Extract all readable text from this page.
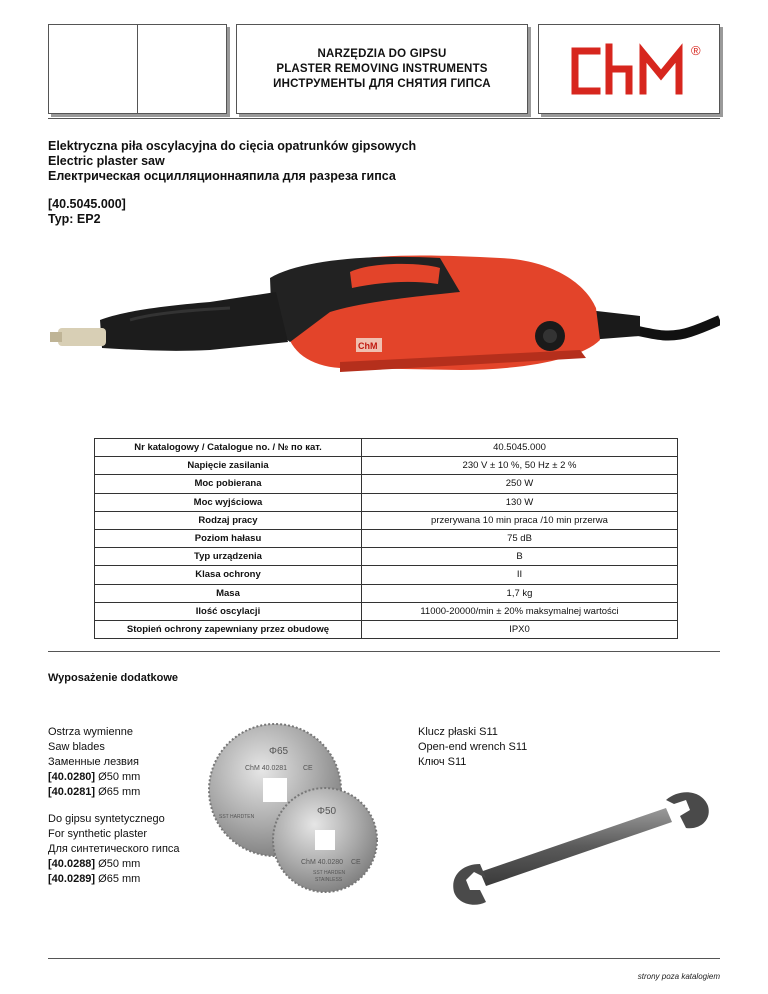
NARZĘDZIA DO GIPSU
PLASTER REMOVING INSTRUMENTS
ИНСТРУМЕНТЫ ДЛЯ СНЯТИЯ ГИПСА
®
Elektryczna piła oscylacyjna do cięcia opatrunków gipsowych
Electric plaster saw
Електрическая осцилляционнаяпила для разреза гипса
[40.5045.000]
Typ: EP2
ChM
Nr katalogowy / Catalogue no. / № по кат.	40.5045.000
Napięcie zasilania	230 V ± 10 %, 50 Hz ± 2 %
Moc pobierana	250 W
Moc wyjściowa	130 W
Rodzaj pracy	przerywana 10 min praca /10 min przerwa
Poziom hałasu	75 dB
Typ urządzenia	B
Klasa ochrony	II
Masa	1,7 kg
Ilość oscylacji	11000-20000/min ± 20% maksymalnej wartości
Stopień ochrony zapewniany przez obudowę	IPX0
Wyposażenie dodatkowe
Ostrza wymienne
Saw blades
Заменные лезвия
[40.0280] Ø50 mm
[40.0281] Ø65 mm
Do gipsu syntetycznego
For synthetic plaster
Для синтетического гипса
[40.0288] Ø50 mm
[40.0289] Ø65 mm
Φ65
ChM 40.0281 CE
SST HARDTEN	Φ50
ChM 40.0280 CE
SST HARDEN
STAINLESS
Klucz płaski S11
Open-end wrench S11
Ключ S11
strony poza katalogiem
